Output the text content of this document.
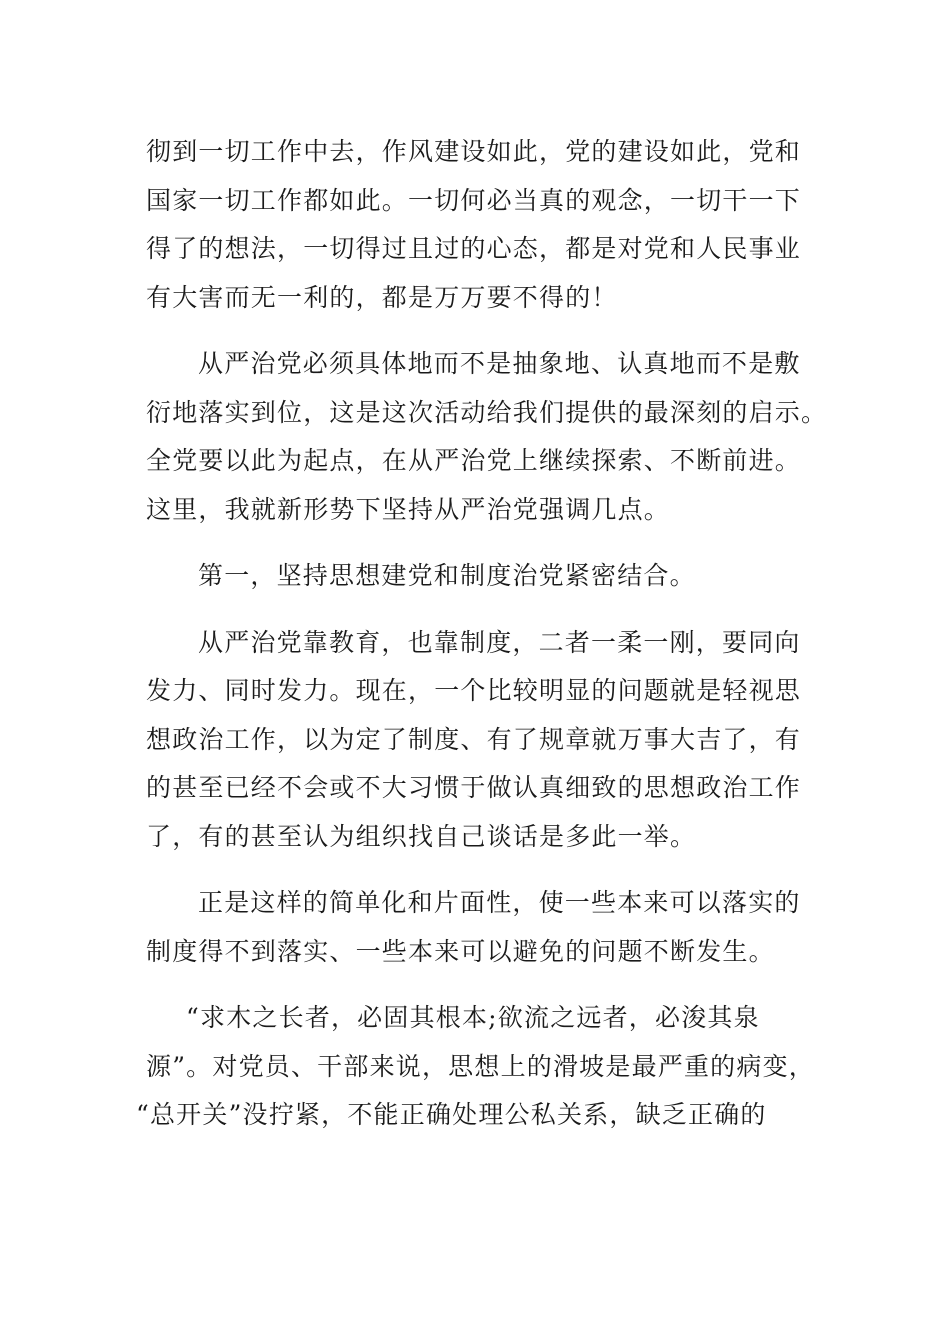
彻到一切工作中去，作风建设如此，党的建设如此，党和
国家一切工作都如此。一切何必当真的观念，一切干一下
得了的想法，一切得过且过的心态，都是对党和人民事业
有大害而无一利的，都是万万要不得的！

从严治党必须具体地而不是抽象地、认真地而不是敷
衍地落实到位，这是这次活动给我们提供的最深刻的启示。
全党要以此为起点，在从严治党上继续探索、不断前进。
这里，我就新形势下坚持从严治党强调几点。

第一，坚持思想建党和制度治党紧密结合。

从严治党靠教育，也靠制度，二者一柔一刚，要同向
发力、同时发力。现在，一个比较明显的问题就是轻视思
想政治工作，以为定了制度、有了规章就万事大吉了，有
的甚至已经不会或不大习惯于做认真细致的思想政治工作
了，有的甚至认为组织找自己谈话是多此一举。

正是这样的简单化和片面性，使一些本来可以落实的
制度得不到落实、一些本来可以避免的问题不断发生。

“求木之长者，必固其根本;欲流之远者，必浚其泉
源”。对党员、干部来说，思想上的滑坡是最严重的病变，
“总开关”没拧紧，不能正确处理公私关系，缺乏正确的
